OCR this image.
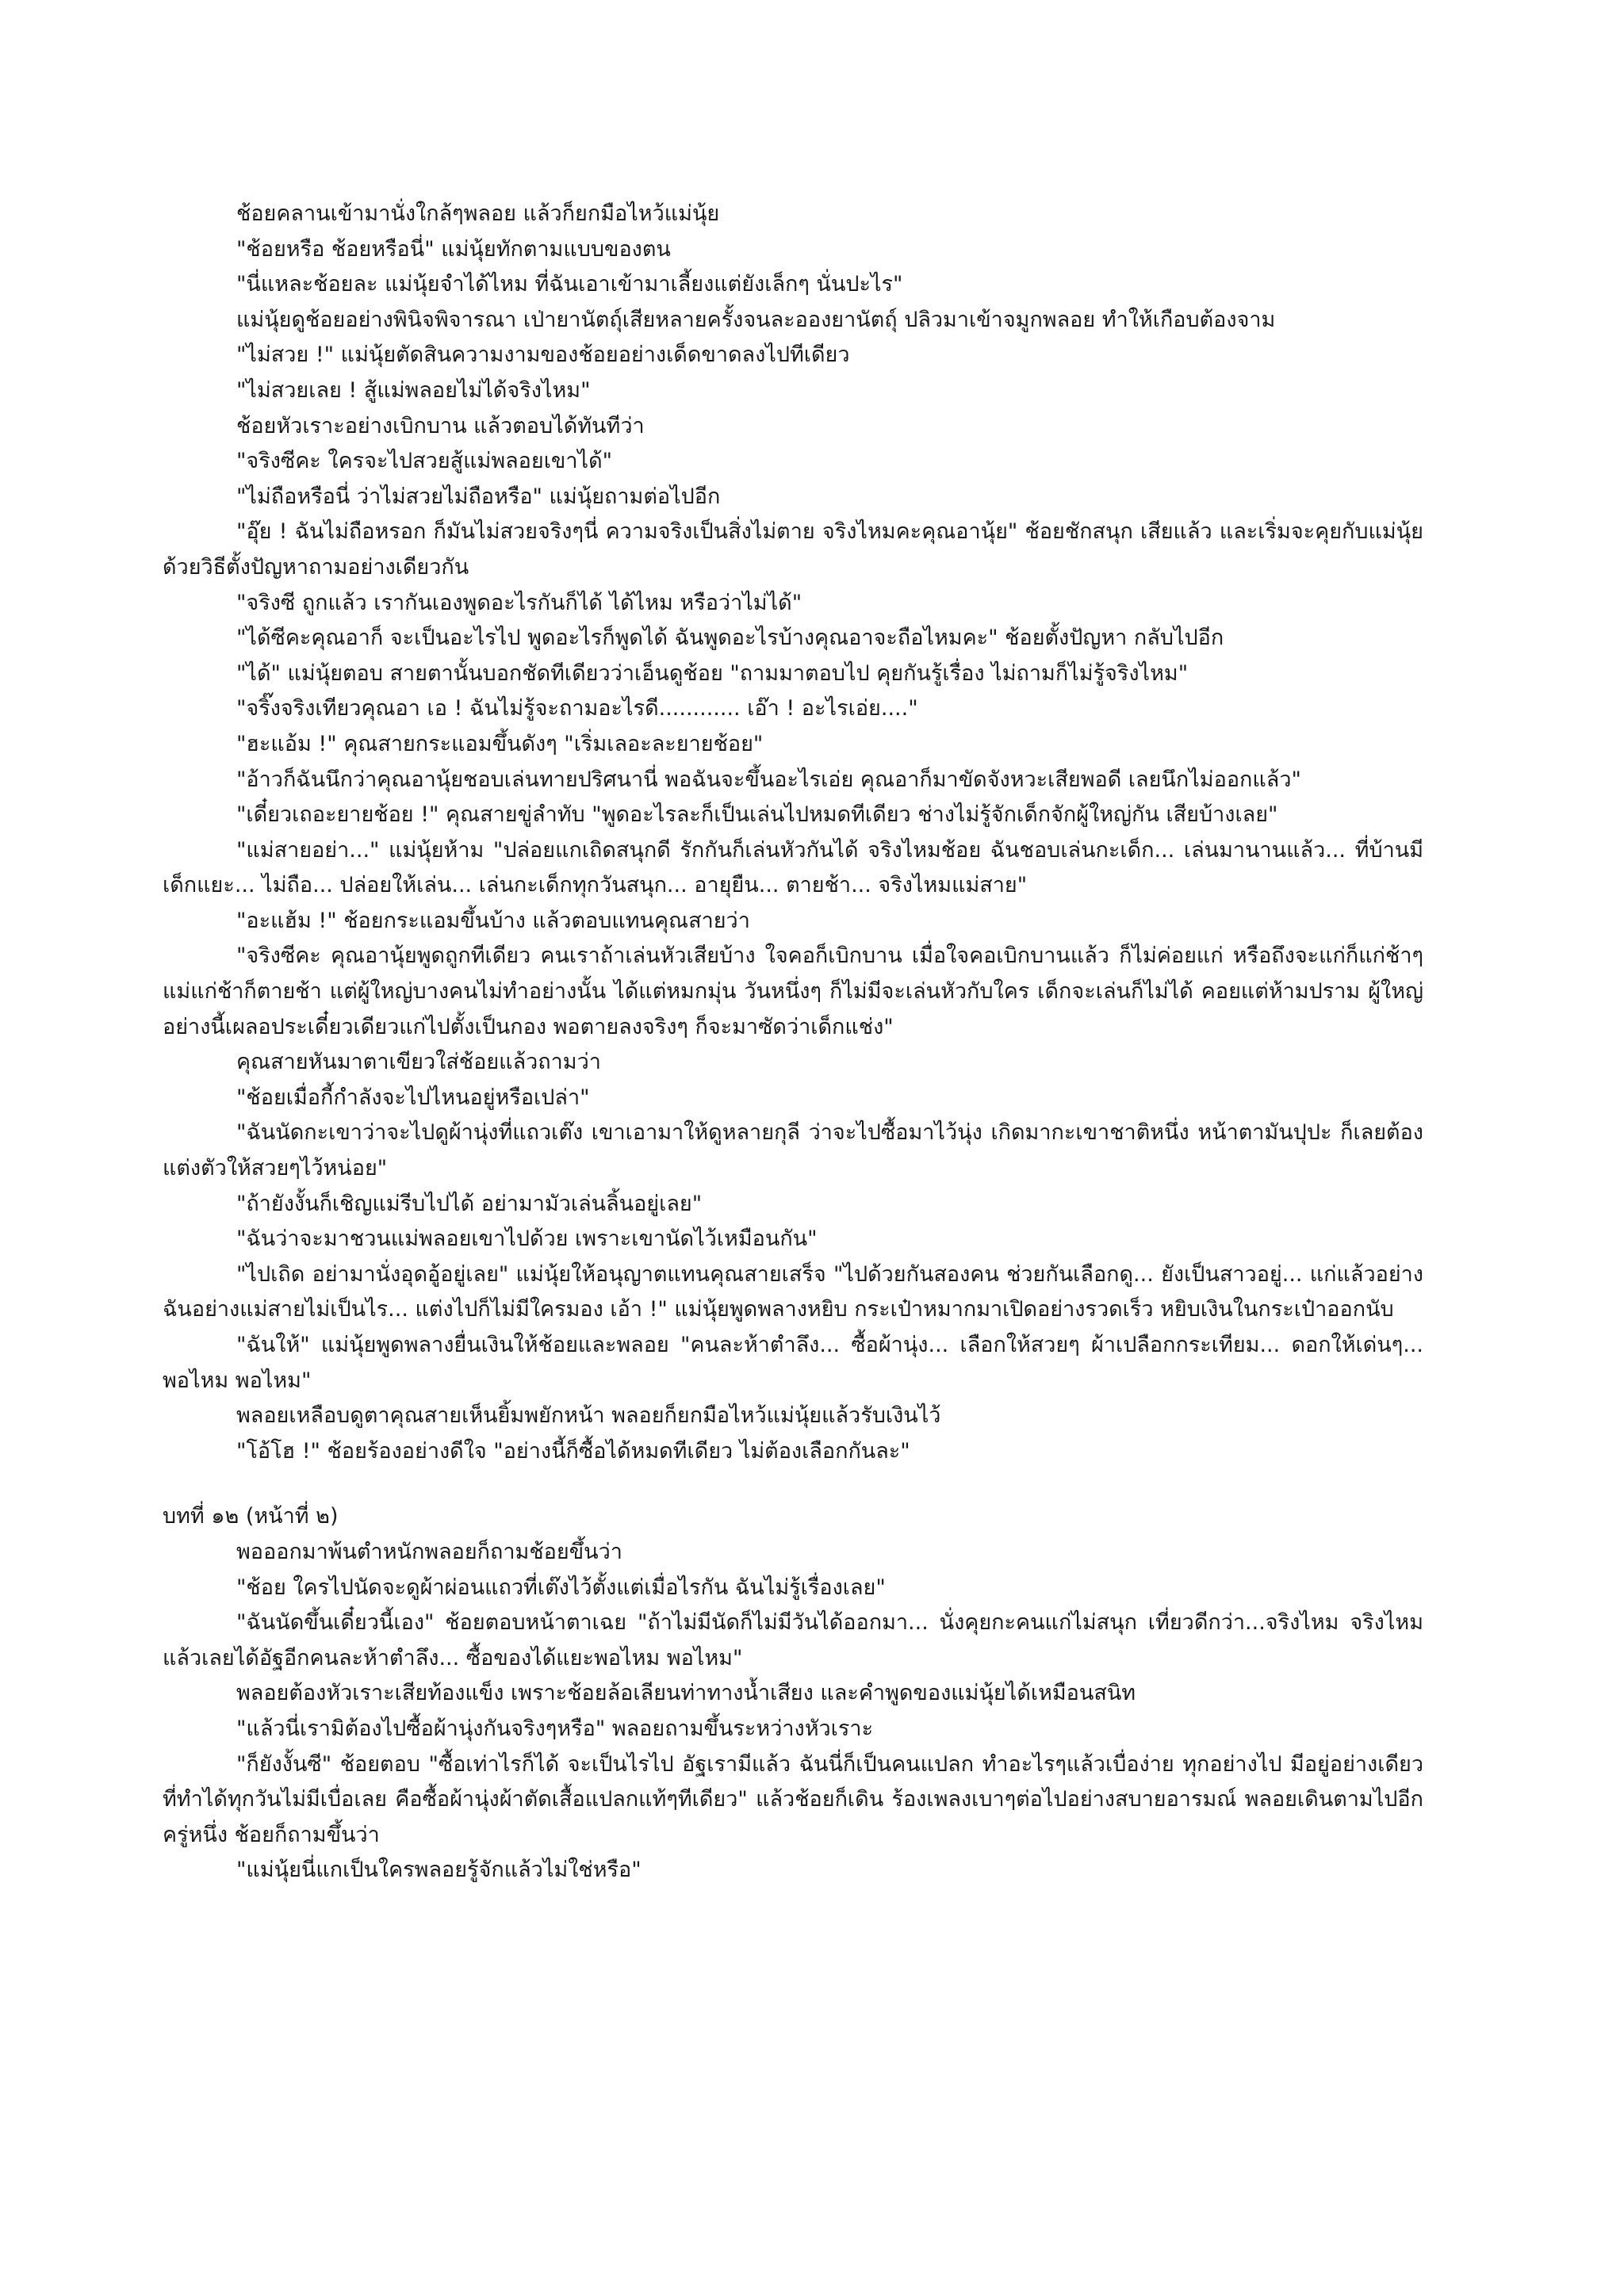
ช้อยคลานเข้ามานั่งใกล้ๆพลอย แล้วก็ยกมือไหว้แม่นุ้ย

"ช้อยหรือ ช้อยหรือนี่" แม่นุ้ยทักตามแบบของตน

"นี่แหละช้อยละ แม่นุ้ยจำได้ไหม ที่ฉันเอาเข้ามาเลี้ยงแต่ยังเล็กๆ นั่นปะไร"

แม่นุ้ยดูช้อยอย่างพินิจพิจารณา เป่ายานัตถุ์เสียหลายครั้งจนละอองยานัตถุ์ ปลิวมาเข้าจมูกพลอย ทำให้เกือบต้องจาม

"ไม่สวย !" แม่นุ้ยตัดสินความงามของช้อยอย่างเด็ดขาดลงไปทีเดียว

"ไม่สวยเลย ! สู้แม่พลอยไม่ได้จริงไหม"

ช้อยหัวเราะอย่างเบิกบาน แล้วตอบได้ทันทีว่า

"จริงซีคะ ใครจะไปสวยสู้แม่พลอยเขาได้"

"ไม่ถือหรือนี่ ว่าไม่สวยไม่ถือหรือ" แม่นุ้ยถามต่อไปอีก

"อุ๊ย ! ฉันไม่ถือหรอก ก็มันไม่สวยจริงๆนี่ ความจริงเป็นสิ่งไม่ตาย จริงไหมคะคุณอานุ้ย" ช้อยชักสนุก เสียแล้ว และเริ่มจะคุยกับแม่นุ้ย ด้วยวิธีตั้งปัญหาถามอย่างเดียวกัน

"จริงซี ถูกแล้ว เรากันเองพูดอะไรกันก็ได้ ได้ไหม หรือว่าไม่ได้"

"ได้ซีคะคุณอาก็ จะเป็นอะไรไป พูดอะไรก็พูดได้ ฉันพูดอะไรบ้างคุณอาจะถือไหมคะ" ช้อยตั้งปัญหา กลับไปอีก

"ได้" แม่นุ้ยตอบ สายตานั้นบอกชัดทีเดียวว่าเอ็นดูช้อย "ถามมาตอบไป คุยกันรู้เรื่อง ไม่ถามก็ไม่รู้จริงไหม"

"จริ๊งจริงเทียวคุณอา เอ ! ฉันไม่รู้จะถามอะไรดี............ เอ๊า ! อะไรเอ่ย...."

"ฮะแอ้ม !" คุณสายกระแอมขึ้นดังๆ "เริ่มเลอะละยายช้อย"

"อ้าวก็ฉันนึกว่าคุณอานุ้ยชอบเล่นทายปริศนานี่ พอฉันจะขึ้นอะไรเอ่ย คุณอาก็มาขัดจังหวะเสียพอดี เลยนึกไม่ออกแล้ว"

"เดี๋ยวเถอะยายช้อย !" คุณสายขู่ลำทับ "พูดอะไรละก็เป็นเล่นไปหมดทีเดียว ช่างไม่รู้จักเด็กจักผู้ใหญ่กัน เสียบ้างเลย"

"แม่สายอย่า..." แม่นุ้ยห้าม "ปล่อยแกเถิดสนุกดี รักกันก็เล่นหัวกันได้ จริงไหมช้อย ฉันชอบเล่นกะเด็ก... เล่นมานานแล้ว... ที่บ้านมีเด็กแยะ... ไม่ถือ... ปล่อยให้เล่น... เล่นกะเด็กทุกวันสนุก... อายุยืน... ตายช้า... จริงไหมแม่สาย"

"อะแฮ้ม !" ช้อยกระแอมขึ้นบ้าง แล้วตอบแทนคุณสายว่า

"จริงซีคะ คุณอานุ้ยพูดถูกทีเดียว คนเราถ้าเล่นหัวเสียบ้าง ใจคอก็เบิกบาน เมื่อใจคอเบิกบานแล้ว ก็ไม่ค่อยแก่ หรือถึงจะแก่ก็แก่ช้าๆ แม่แก่ช้าก็ตายช้า แต่ผู้ใหญ่บางคนไม่ทำอย่างนั้น ได้แต่หมกมุ่น วันหนึ่งๆ ก็ไม่มีจะเล่นหัวกับใคร เด็กจะเล่นก็ไม่ได้ คอยแต่ห้ามปราม ผู้ใหญ่อย่างนี้เผลอประเดี๋ยวเดียวแก่ไปตั้งเป็นกอง พอตายลงจริงๆ ก็จะมาซัดว่าเด็กแช่ง"

คุณสายหันมาตาเขียวใส่ช้อยแล้วถามว่า

"ช้อยเมื่อกี้กำลังจะไปไหนอยู่หรือเปล่า"

"ฉันนัดกะเขาว่าจะไปดูผ้านุ่งที่แถวเต๊ง เขาเอามาให้ดูหลายกุลี ว่าจะไปซื้อมาไว้นุ่ง เกิดมากะเขาชาติหนึ่ง หน้าตามันปุปะ ก็เลยต้องแต่งตัวให้สวยๆไว้หน่อย"

"ถ้ายังงั้นก็เชิญแม่รีบไปได้ อย่ามามัวเล่นลิ้นอยู่เลย"

"ฉันว่าจะมาชวนแม่พลอยเขาไปด้วย เพราะเขานัดไว้เหมือนกัน"

"ไปเถิด อย่ามานั่งอุดอู้อยู่เลย" แม่นุ้ยให้อนุญาตแทนคุณสายเสร็จ "ไปด้วยกันสองคน ช่วยกันเลือกดู... ยังเป็นสาวอยู่... แก่แล้วอย่างฉันอย่างแม่สายไม่เป็นไร... แต่งไปก็ไม่มีใครมอง เอ้า !" แม่นุ้ยพูดพลางหยิบ กระเป๋าหมากมาเปิดอย่างรวดเร็ว หยิบเงินในกระเป๋าออกนับ

"ฉันให้" แม่นุ้ยพูดพลางยื่นเงินให้ช้อยและพลอย "คนละห้าตำลึง... ซื้อผ้านุ่ง... เลือกให้สวยๆ ผ้าเปลือกกระเทียม... ดอกให้เด่นๆ... พอไหม พอไหม"

พลอยเหลือบดูตาคุณสายเห็นยิ้มพยักหน้า พลอยก็ยกมือไหว้แม่นุ้ยแล้วรับเงินไว้

"โอ้โฮ !" ช้อยร้องอย่างดีใจ "อย่างนี้ก็ซื้อได้หมดทีเดียว ไม่ต้องเลือกกันละ"

บทที่ ๑๒ (หน้าที่ ๒)

พอออกมาพ้นตำหนักพลอยก็ถามช้อยขึ้นว่า

"ช้อย ใครไปนัดจะดูผ้าผ่อนแถวที่เต๊งไว้ตั้งแต่เมื่อไรกัน ฉันไม่รู้เรื่องเลย"

"ฉันนัดขึ้นเดี๋ยวนี้เอง" ช้อยตอบหน้าตาเฉย "ถ้าไม่มีนัดก็ไม่มีวันได้ออกมา... นั่งคุยกะคนแก่ไม่สนุก เที่ยวดีกว่า...จริงไหม จริงไหม แล้วเลยได้อัฐอีกคนละห้าตำลึง... ซื้อของได้แยะพอไหม พอไหม"

พลอยต้องหัวเราะเสียท้องแข็ง เพราะช้อยล้อเลียนท่าทางน้ำเสียง และคำพูดของแม่นุ้ยได้เหมือนสนิท

"แล้วนี่เรามิต้องไปซื้อผ้านุ่งกันจริงๆหรือ" พลอยถามขึ้นระหว่างหัวเราะ

"ก็ยังงั้นซี" ช้อยตอบ "ซื้อเท่าไรก็ได้ จะเป็นไรไป อัฐเรามีแล้ว ฉันนี่ก็เป็นคนแปลก ทำอะไรๆแล้วเบื่อง่าย ทุกอย่างไป มีอยู่อย่างเดียวที่ทำได้ทุกวันไม่มีเบื่อเลย คือซื้อผ้านุ่งผ้าตัดเสื้อแปลกแท้ๆทีเดียว" แล้วช้อยก็เดิน ร้องเพลงเบาๆต่อไปอย่างสบายอารมณ์ พลอยเดินตามไปอีกครู่หนึ่ง ช้อยก็ถามขึ้นว่า

"แม่นุ้ยนี่แกเป็นใครพลอยรู้จักแล้วไม่ใช่หรือ"
